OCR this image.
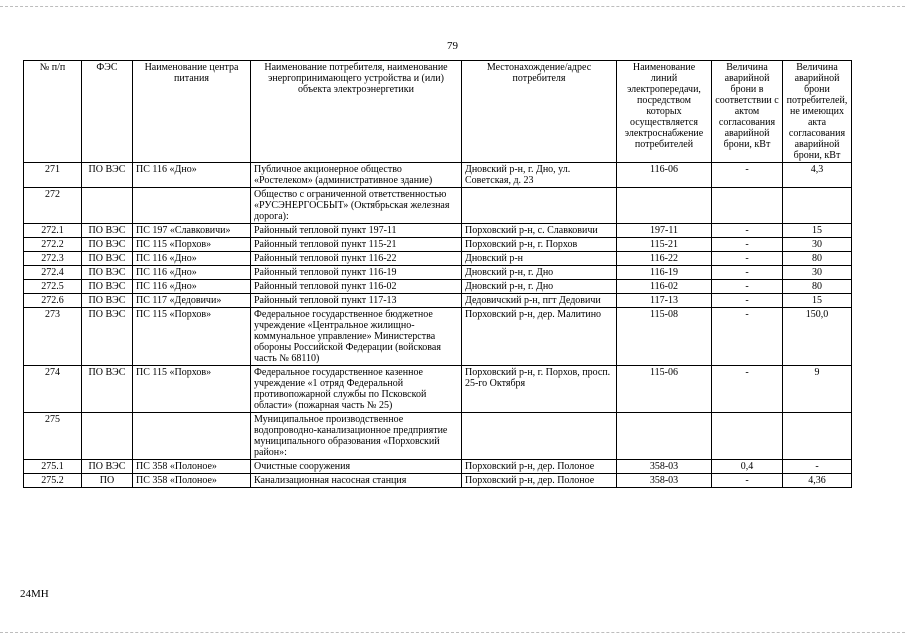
79
№ п/п	ФЭС	Наименование центра питания	Наименование потребителя, наименование энергопринимающего устройства и (или) объекта электроэнергетики	Местонахождение/адрес потребителя	Наименование линий электропередачи, посредством которых осуществляется электроснабжение потребителей	Величина аварийной брони в соответствии с актом согласования аварийной брони, кВт	Величина аварийной брони потребителей, не имеющих акта согласования аварийной брони, кВт
271	ПО ВЭС	ПС 116 «Дно»	Публичное акционерное общество «Ростелеком» (административное здание)	Дновский р-н, г. Дно, ул. Советская, д. 23	116-06	-	4,3
272			Общество с ограниченной ответственностью «РУСЭНЕРГОСБЫТ» (Октябрьская железная дорога):				
272.1	ПО ВЭС	ПС 197 «Славковичи»	Районный тепловой пункт 197-11	Порховский р-н, с. Славковичи	197-11	-	15
272.2	ПО ВЭС	ПС 115 «Порхов»	Районный тепловой пункт 115-21	Порховский р-н, г. Порхов	115-21	-	30
272.3	ПО ВЭС	ПС 116 «Дно»	Районный тепловой пункт 116-22	Дновский р-н	116-22	-	80
272.4	ПО ВЭС	ПС 116 «Дно»	Районный тепловой пункт 116-19	Дновский р-н, г. Дно	116-19	-	30
272.5	ПО ВЭС	ПС 116 «Дно»	Районный тепловой пункт 116-02	Дновский р-н, г. Дно	116-02	-	80
272.6	ПО ВЭС	ПС 117 «Дедовичи»	Районный тепловой пункт 117-13	Дедовичский р-н, пгт Дедовичи	117-13	-	15
273	ПО ВЭС	ПС 115 «Порхов»	Федеральное государственное бюджетное учреждение «Центральное жилищно-коммунальное управление» Министерства обороны Российской Федерации (войсковая часть № 68110)	Порховский р-н, дер. Малитино	115-08	-	150,0
274	ПО ВЭС	ПС 115 «Порхов»	Федеральное государственное казенное учреждение «1 отряд Федеральной противопожарной службы по Псковской области» (пожарная часть № 25)	Порховский р-н, г. Порхов, просп. 25-го Октября	115-06	-	9
275			Муниципальное производственное водопроводно-канализационное предприятие муниципального образования «Порховский район»:				
275.1	ПО ВЭС	ПС 358 «Полоное»	Очистные сооружения	Порховский р-н, дер. Полоное	358-03	0,4	-
275.2	ПО	ПС 358 «Полоное»	Канализационная насосная станция	Порховский р-н, дер. Полоное	358-03	-	4,36
24МН
